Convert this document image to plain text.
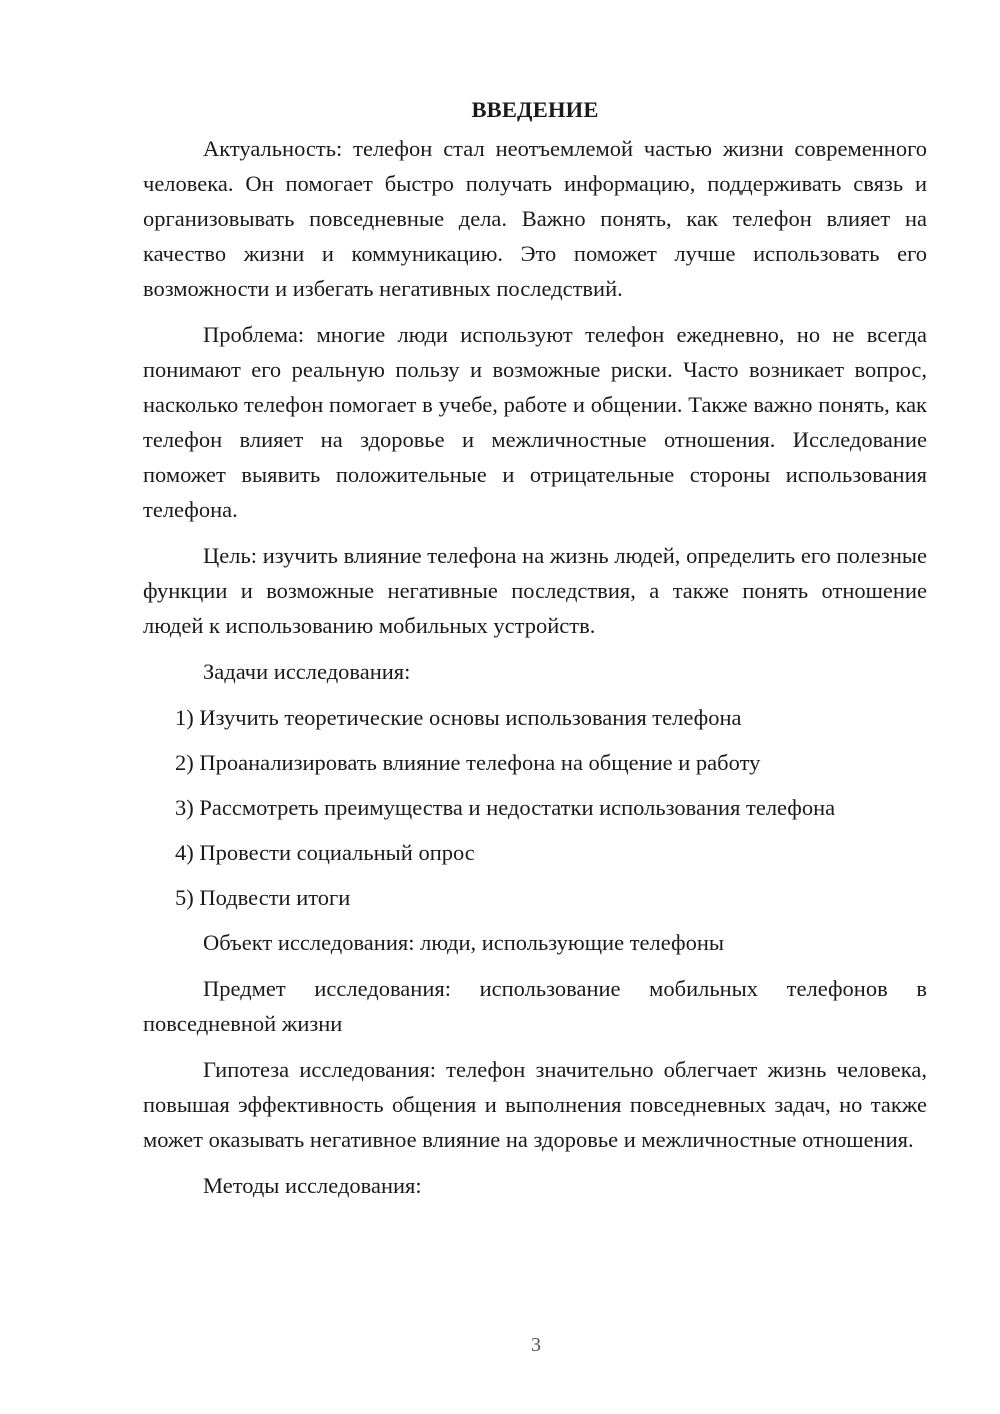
ВВЕДЕНИЕ

Актуальность: телефон стал неотъемлемой частью жизни современного человека. Он помогает быстро получать информацию, поддерживать связь и организовывать повседневные дела. Важно понять, как телефон влияет на качество жизни и коммуникацию. Это поможет лучше использовать его возможности и избегать негативных последствий.

Проблема: многие люди используют телефон ежедневно, но не всегда понимают его реальную пользу и возможные риски. Часто возникает вопрос, насколько телефон помогает в учебе, работе и общении. Также важно понять, как телефон влияет на здоровье и межличностные отношения. Исследование поможет выявить положительные и отрицательные стороны использования телефона.

Цель: изучить влияние телефона на жизнь людей, определить его полезные функции и возможные негативные последствия, а также понять отношение людей к использованию мобильных устройств.

Задачи исследования:

1) Изучить теоретические основы использования телефона
2) Проанализировать влияние телефона на общение и работу
3) Рассмотреть преимущества и недостатки использования телефона
4) Провести социальный опрос
5) Подвести итоги

Объект исследования: люди, использующие телефоны

Предмет исследования: использование мобильных телефонов в повседневной жизни

Гипотеза исследования: телефон значительно облегчает жизнь человека, повышая эффективность общения и выполнения повседневных задач, но также может оказывать негативное влияние на здоровье и межличностные отношения.

Методы исследования:

3
